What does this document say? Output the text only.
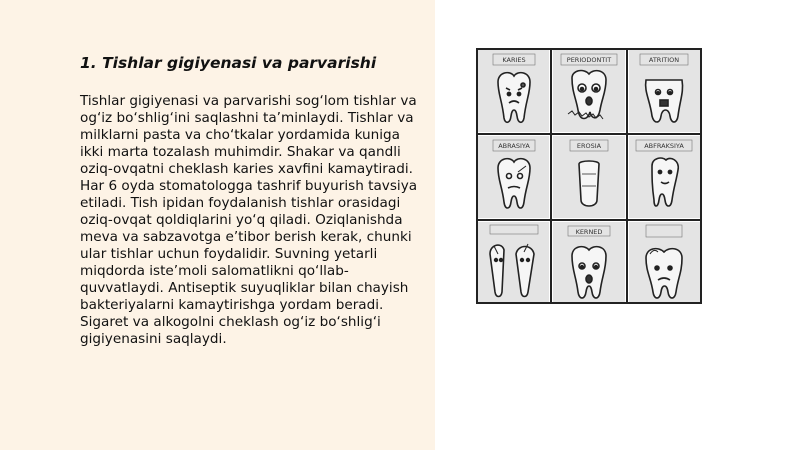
1. Tishlar gigiyenasi va parvarishi

Tishlar gigiyenasi va parvarishi sog‘lom tishlar va og‘iz bo‘shlig‘ini saqlashni ta’minlaydi. Tishlar va milklarni pasta va cho‘tkalar yordamida kuniga ikki marta tozalash muhimdir. Shakar va qandli oziq-ovqatni cheklash karies xavfini kamaytiradi. Har 6 oyda stomatologga tashrif buyurish tavsiya etiladi. Tish ipidan foydalanish tishlar orasidagi oziq-ovqat qoldiqlarini yo‘q qiladi. Oziqlanishda meva va sabzavotga e’tibor berish kerak, chunki ular tishlar uchun foydalidir. Suvning yetarli miqdorda iste’moli salomatlikni qo‘llab-quvvatlaydi. Antiseptik suyuqliklar bilan chayish bakteriyalarni kamaytirishga yordam beradi. Sigaret va alkogolni cheklash og‘iz bo‘shlig‘i gigiyenasini saqlaydi.

KARIES	PERIODONTIT	ATRITION
ABRASIYA	EROSIA	ABFRAKSIYA
KERNED
